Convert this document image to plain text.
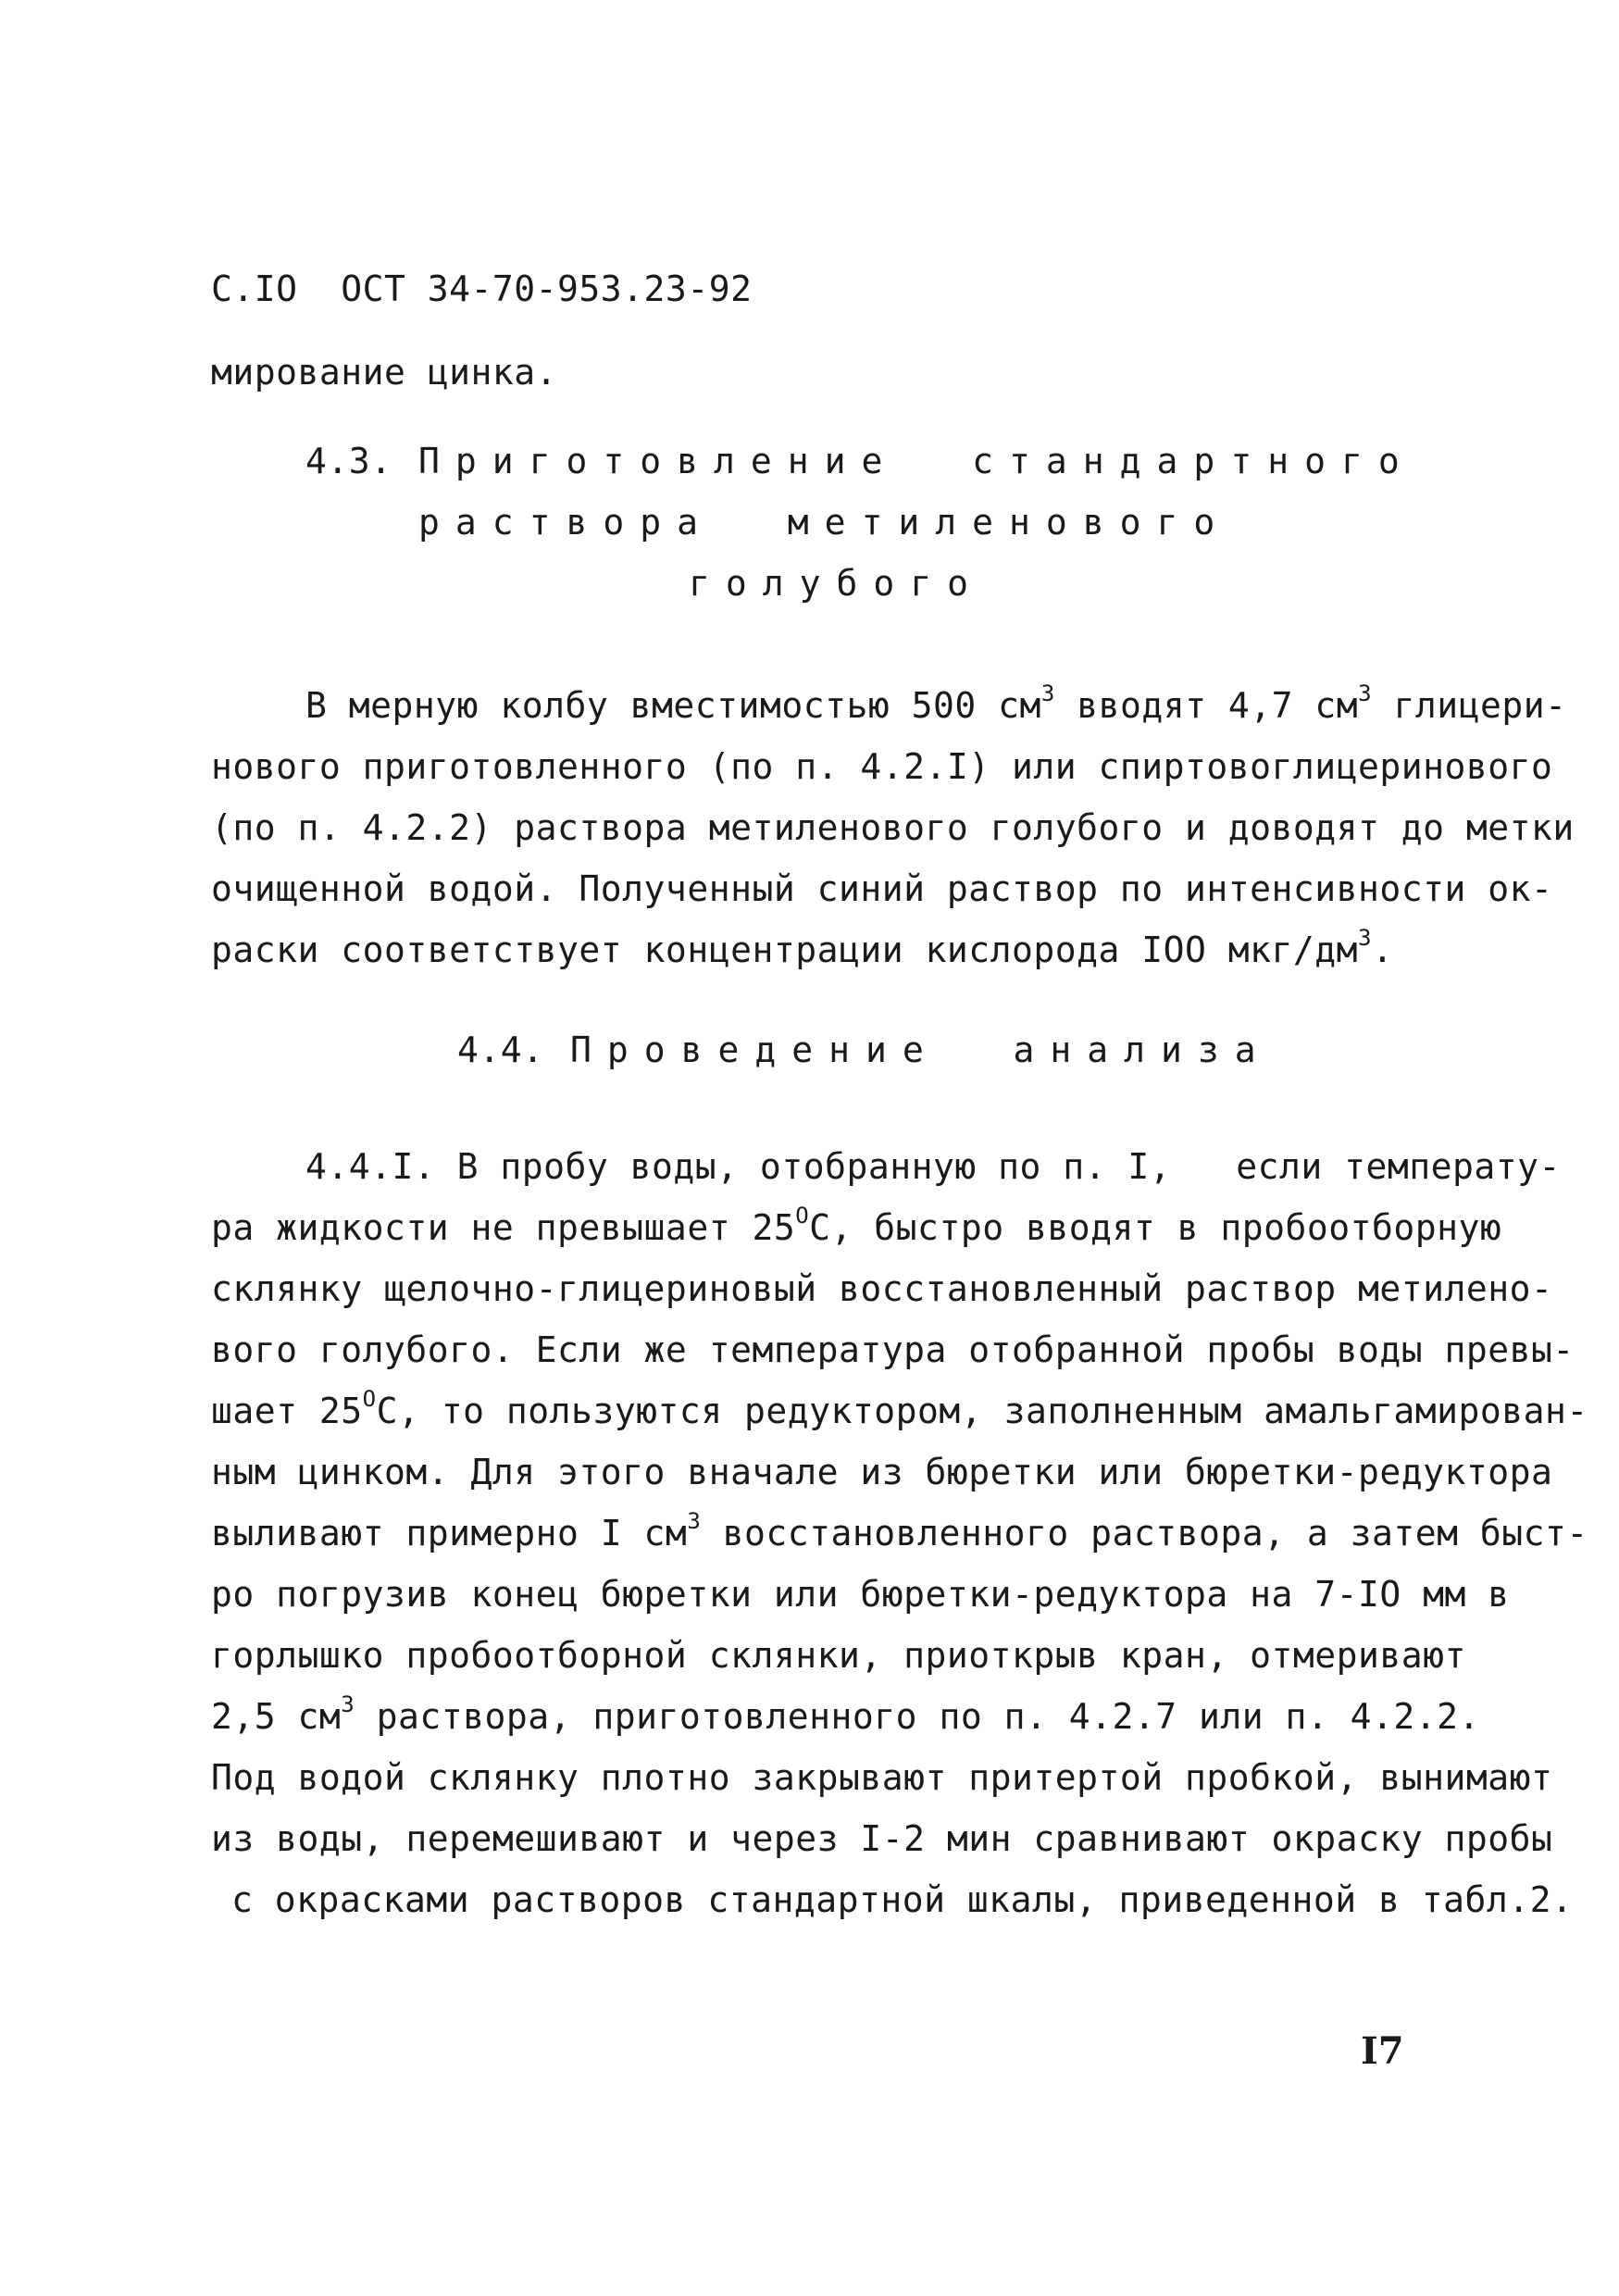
С.IO  ОСТ 34-70-953.23-92
мирование цинка.
4.3. Приготовление  стандартного
раствора  метиленового
голубого
В мерную колбу вместимостью 500 $см^3$ вводят 4,7 $см^3$ глицери-
нового приготовленного (по п. 4.2.I) или спиртовоглицеринового
(по п. 4.2.2) раствора метиленового голубого и доводят до метки
очищенной водой. Полученный синий раствор по интенсивности ок-
раски соответствует концентрации кислорода IOO мкг/$дм^3$.
4.4. Проведение  анализа
4.4.I. В пробу воды, отобранную по п. I,   если температу-
ра жидкости не превышает $25^ОС$, быстро вводят в пробоотборную
склянку щелочно-глицериновый восстановленный раствор метилено-
вого голубого. Если же температура отобранной пробы воды превы-
шает $25^ОС$, то пользуются редуктором, заполненным амальгамирован-
ным цинком. Для этого вначале из бюретки или бюретки-редуктора
выливают примерно I $см^3$ восстановленного раствора, а затем быст-
ро погрузив конец бюретки или бюретки-редуктора на 7-IO мм в
горлышко пробоотборной склянки, приоткрыв кран, отмеривают
2,5 $см^3$ раствора, приготовленного по п. 4.2.7 или п. 4.2.2.
Под водой склянку плотно закрывают притертой пробкой, вынимают
из воды, перемешивают и через I-2 мин сравнивают окраску пробы
с окрасками растворов стандартной шкалы, приведенной в табл.2.
I7
